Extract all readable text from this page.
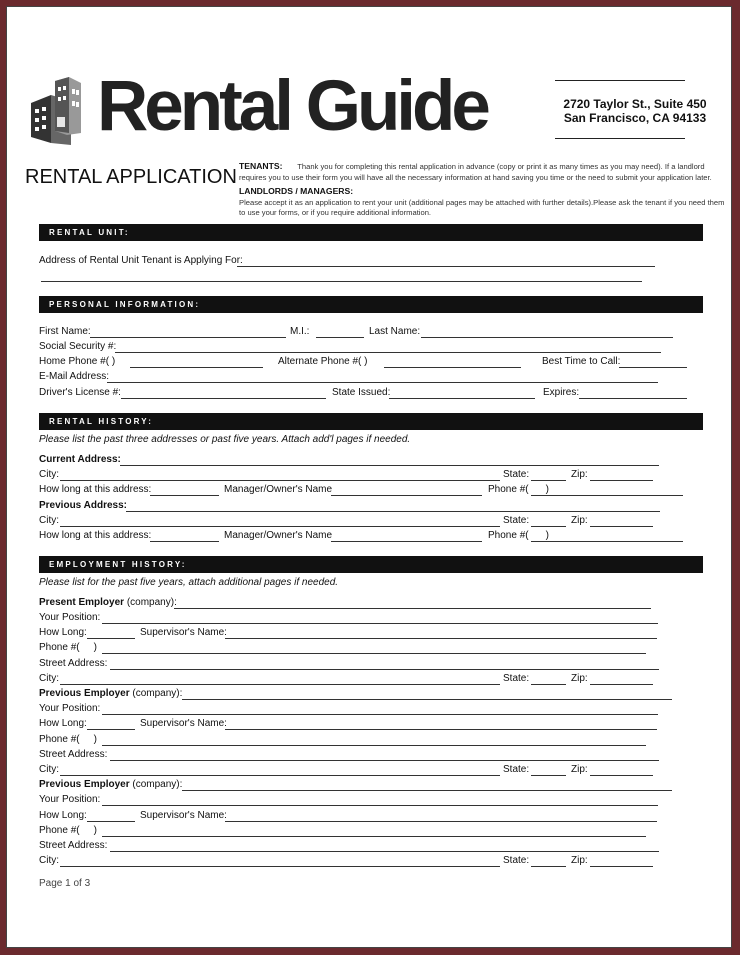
Rental Guide	2720 Taylor St., Suite 450
San Francisco, CA 94133
RENTAL APPLICATION TENANTS: Thank you for completing this rental application in advance (copy or print it as many times as you may need). If a landlord requires you to use their form you will have all the necessary information at hand saving you time or the need to submit your application later.
LANDLORDS / MANAGERS:
Please accept it as an application to rent your unit (additional pages may be attached with further details).Please ask the tenant if you need them to use your forms, or if you require additional information.
RENTAL UNIT:
Address of Rental Unit Tenant is Applying For:
PERSONAL INFORMATION:
First Name:	M.I.:	Last Name:
Social Security #:
Home Phone #( )	Alternate Phone #( )	Best Time to Call:
E-Mail Address:
Driver's License #:	State Issued:	Expires:
RENTAL HISTORY:
Please list the past three addresses or past five years. Attach add'l pages if needed.
Current Address:
City:	State:	Zip:
How long at this address:	Manager/Owner's Name	Phone #( )
Previous Address:
City:	State:	Zip:
How long at this address:	Manager/Owner's Name	Phone #( )
EMPLOYMENT HISTORY:
Please list for the past five years, attach additional pages if needed.
Present Employer (company):
Your Position:
How Long:	Supervisor's Name:
Phone #( )
Street Address:
City:	State:	Zip:
Previous Employer (company):
Your Position:
How Long:	Supervisor's Name:
Phone #( )
Street Address:
City:	State:	Zip:
Previous Employer (company):
Your Position:
How Long:	Supervisor's Name:
Phone #( )
Street Address:
City:	State:	Zip:
Page 1 of 3
